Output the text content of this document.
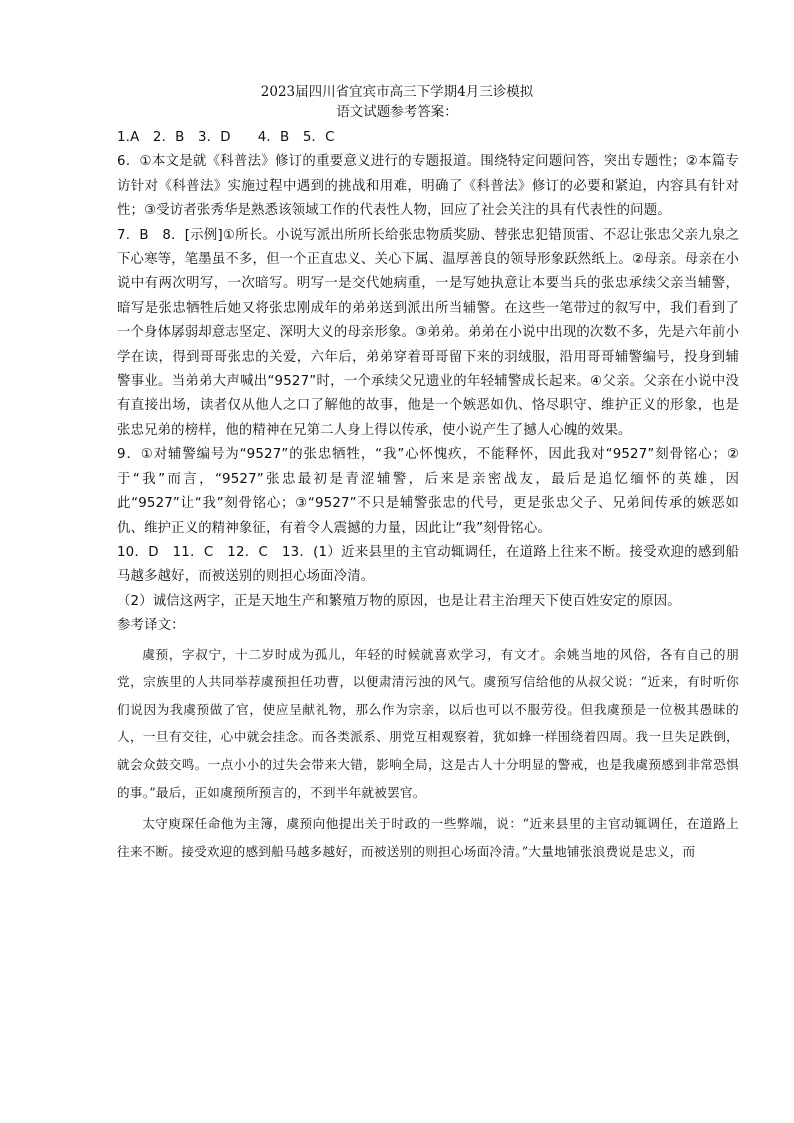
2023届四川省宜宾市高三下学期4月三诊模拟
语文试题参考答案：

1.A　2．B　3．D　　4．B　5．C

6．①本文是就《科普法》修订的重要意义进行的专题报道。围绕特定问题问答，突出专题性；②本篇专访针对《科普法》实施过程中遇到的挑战和用难，明确了《科普法》修订的必要和紧迫，内容具有针对性；③受访者张秀华是熟悉该领域工作的代表性人物，回应了社会关注的具有代表性的问题。

7．B　8．[示例]①所长。小说写派出所所长给张忠物质奖励、替张忠犯错顶雷、不忍让张忠父亲九泉之下心寒等，笔墨虽不多，但一个正直忠义、关心下属、温厚善良的领导形象跃然纸上。②母亲。母亲在小说中有两次明写，一次暗写。明写一是交代她病重，一是写她执意让本要当兵的张忠承续父亲当辅警，暗写是张忠牺牲后她又将张忠刚成年的弟弟送到派出所当辅警。在这些一笔带过的叙写中，我们看到了一个身体孱弱却意志坚定、深明大义的母亲形象。③弟弟。弟弟在小说中出现的次数不多，先是六年前小学在读，得到哥哥张忠的关爱，六年后，弟弟穿着哥哥留下来的羽绒服，沿用哥哥辅警编号，投身到辅警事业。当弟弟大声喊出“9527”时，一个承续父兄遗业的年轻辅警成长起来。④父亲。父亲在小说中没有直接出场，读者仅从他人之口了解他的故事，他是一个嫉恶如仇、恪尽职守、维护正义的形象，也是张忠兄弟的榜样，他的精神在兄第二人身上得以传承，使小说产生了撼人心魄的效果。

9．①对辅警编号为“9527”的张忠牺牲，“我”心怀愧疚，不能释怀，因此我对“9527”刻骨铭心；②于“我”而言，“9527”张忠最初是青涩辅警，后来是亲密战友，最后是追忆缅怀的英雄，因此“9527”让“我”刻骨铭心；③“9527”不只是辅警张忠的代号，更是张忠父子、兄弟间传承的嫉恶如仇、维护正义的精神象征，有着令人震撼的力量，因此让“我”刻骨铭心。

10．D　11．C　12．C　13．(1）近来县里的主官动辄调任，在道路上往来不断。接受欢迎的感到船马越多越好，而被送别的则担心场面冷清。

（2）诚信这两字，正是天地生产和繁殖万物的原因，也是让君主治理天下使百姓安定的原因。

参考译文：

虞预，字叔宁，十二岁时成为孤儿，年轻的时候就喜欢学习，有文才。余姚当地的风俗，各有自己的朋党，宗族里的人共同举荐虞预担任功曹，以便肃清污浊的风气。虞预写信给他的从叔父说：“近来，有时听你们说因为我虞预做了官，使应呈献礼物，那么作为宗亲，以后也可以不服劳役。但我虞预是一位极其愚昧的人，一旦有交往，心中就会挂念。而各类派系、朋党互相观察着，犹如蜂一样围绕着四周。我一旦失足跌倒，就会众鼓交鸣。一点小小的过失会带来大错，影响全局，这是古人十分明显的警戒，也是我虞预感到非常恐惧的事。”最后，正如虞预所预言的，不到半年就被罢官。

太守庾琛任命他为主簿，虞预向他提出关于时政的一些弊端，说：“近来县里的主官动辄调任，在道路上往来不断。接受欢迎的感到船马越多越好，而被送别的则担心场面冷清。”大量地铺张浪费说是忠义，而
